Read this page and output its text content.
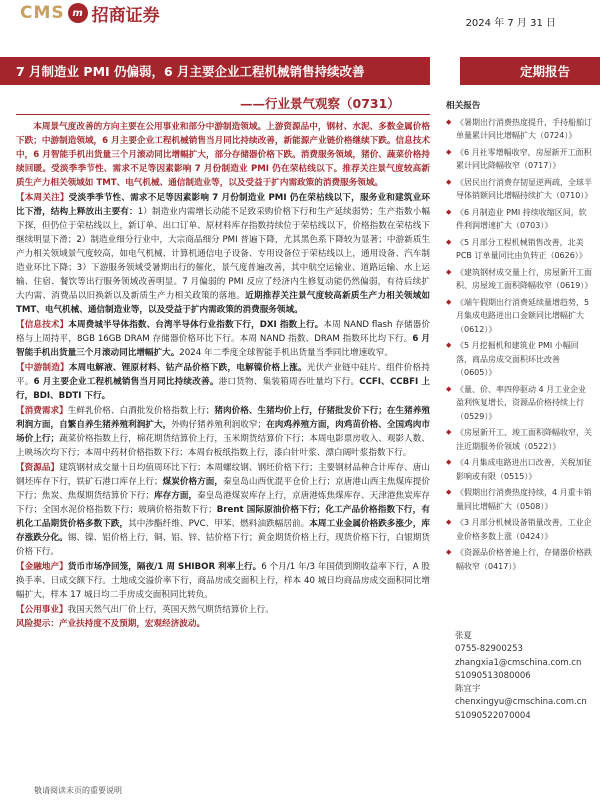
CMS m 招商证券	2024 年 7 月 31 日
7 月制造业 PMI 仍偏弱，6 月主要企业工程机械销售持续改善	定期报告
——行业景气观察（0731）

本周景气度改善的方向主要在公用事业和部分中游制造领域。上游资源品中，钢材、水泥、多数金属价格下跌；中游制造领域，6 月主要企业工程机械销售当月同比持续改善，新能源产业链价格继续下跌。信息技术中，6 月智能手机出货量三个月滚动同比增幅扩大，部分存储器价格下跌。消费服务领域，猪价、蔬菜价格持续回暖。受淡季季节性、需求不足等因素影响 7 月份制造业 PMI 仍在荣枯线以下。推荐关注景气度较高新质生产力相关领域如 TMT、电气机械、通信制造业等，以及受益于扩内需政策的消费服务领域。

【本周关注】受淡季季节性、需求不足等因素影响 7 月份制造业 PMI 仍在荣枯线以下，服务业和建筑业环比下滑，结构上释放出主要有：1）制造业内需增长动能不足致采购价格下行和生产延续弱势；生产指数小幅下探，但仍位于荣枯线以上，新订单、出口订单、原材料库存指数持续位于荣枯线以下，价格指数在荣枯线下继续明显下滑；2）制造业细分行业中，大宗商品细分 PMI 普遍下降，尤其黑色系下降较为显著；中游新质生产力相关领域景气度较高，如电气机械、计算机通信电子设备、专用设备位于荣枯线以上，通用设备、汽车制造业环比下降；3）下游服务领域受暑期出行的催化，景气度普遍改善，其中航空运输业、道路运输、水上运输、住宿、餐饮等出行服务领域改善明显。7 月偏弱的 PMI 反应了经济内生修复动能仍然偏弱，有待后续扩大内需、消费品以旧换新以及新质生产力相关政策的落地。近期推荐关注景气度较高新质生产力相关领域如 TMT、电气机械、通信制造业等，以及受益于扩内需政策的消费服务领域。

【信息技术】本周费城半导体指数、台湾半导体行业指数下行，DXI 指数上行。本周 NAND flash 存储器价格与上周持平，8GB 16GB DRAM 存储器价格环比下行。本周 NAND 指数、DRAM 指数环比均下行。6 月智能手机出货量三个月滚动同比增幅扩大。2024 年二季度全球智能手机出货量当季同比增速收窄。

【中游制造】本周电解液、锂原材料、钴产品价格下跌，电解镍价格上涨。光伏产业链中硅片、组件价格持平。6 月主要企业工程机械销售当月同比持续改善。港口货物、集装箱周吞吐量均下行。CCFI、CCBFI 上行，BDI、BDTI 下行。

【消费需求】生鲜乳价格、白酒批发价格指数上行；猪肉价格、生猪均价上行，仔猪批发价下行；在生猪养殖利润方面，自繁自养生猪养殖利润扩大，外购仔猪养殖利润收窄；在肉鸡养殖方面，肉鸡苗价格、全国鸡肉市场价上行；蔬菜价格指数上行，棉花期货结算价上行，玉米期货结算价下行；本周电影票房收入、观影人数、上映场次均下行；本周中药材价格指数下行；本周台板纸指数上行，漆白针叶浆、漂白阔叶浆指数下行。

【资源品】建筑钢材成交量十日均值周环比下行；本周螺纹钢、钢坯价格下行；主要钢材品种合计库存、唐山钢坯库存下行，铁矿石港口库存上行；煤炭价格方面，秦皇岛山西优混平仓价上行；京唐港山西主焦煤库提价下行；焦炭、焦煤期货结算价下行；库存方面，秦皇岛港煤炭库存上行，京唐港炼焦煤库存、天津港焦炭库存下行；全国水泥价格指数下行；玻璃价格指数下行；Brent 国际原油价格下行；化工产品价格指数下行，有机化工品期货价格多数下跌，其中涉酯纤维、PVC、甲苯、燃料油跌幅居前。本周工业金属价格跌多涨少，库存涨跌分化。锡、镍、铝价格上行，铜、铝、锌、钴价格下行；黄金期货价格上行，现货价格下行，白银期货价格下行。

【金融地产】货币市场净回笼，隔夜/1 周 SHIBOR 利率上行。6 个月/1 年/3 年国债到期收益率下行，A 股换手率、日成交额下行。土地成交溢价率下行，商品房成交面积上行，样本 40 城日均商品房成交面积同比增幅扩大，样本 17 城日均二手房成交面积同比转负。

【公用事业】我国天然气出厂价上行，英国天然气期货结算价上行。

风险提示：产业扶持度不及预期，宏观经济波动。

相关报告
◆ 《暑期出行消费热度提升，手持船舶订单量累计同比增幅扩大（0724）》
◆ 《6 月社零增幅收窄，房屋新开工面积累计同比降幅收窄（0717）》
◆ 《居民出行消费存韧显逆两疏，全球半导体销额同比增幅持续扩大（0710）》
◆ 《6 月制造业 PMI 持续收缩区间，软件利润增速扩大（0703）》
◆ 《5 月部分工程机械销售改善，北美 PCB 订单量同比由负转正（0626）》
◆ 《建筑钢材成交量上行，房屋新开工面积、房屋竣工面积降幅收窄（0619）》
◆ 《端午假期出行消费延续量增趋势，5 月集成电路进出口金额同比增幅扩大（0612）》
◆ 《5 月挖掘机和建筑业 PMI 小幅回落，商品房成交面积环比改善（0605）》
◆ 《量、价、率四停驱动 4 月工业企业盈利恢复增长，资源品价格持续上行（0529）》
◆ 《房屋新开工、竣工面积降幅收窄，关注近期服务价领域（0522）》
◆ 《4 月集成电路进出口改善，关税加征影响或有限（0515）》
◆ 《假期出行消费热度持续，4 月重卡销量同比增幅扩大（0508）》
◆ 《3 月部分机械设备销量改善，工业企业价格多数上涨（0424）》
◆ 《资源品价格普遍上行，存储器价格跌幅收窄（0417）》
张夏
0755-82900253
zhangxia1@cmschina.com.cn
S1090513080006
陈宜宇
chenxingyu@cmschina.com.cn
S1090522070004
敬请阅读末页的重要说明
